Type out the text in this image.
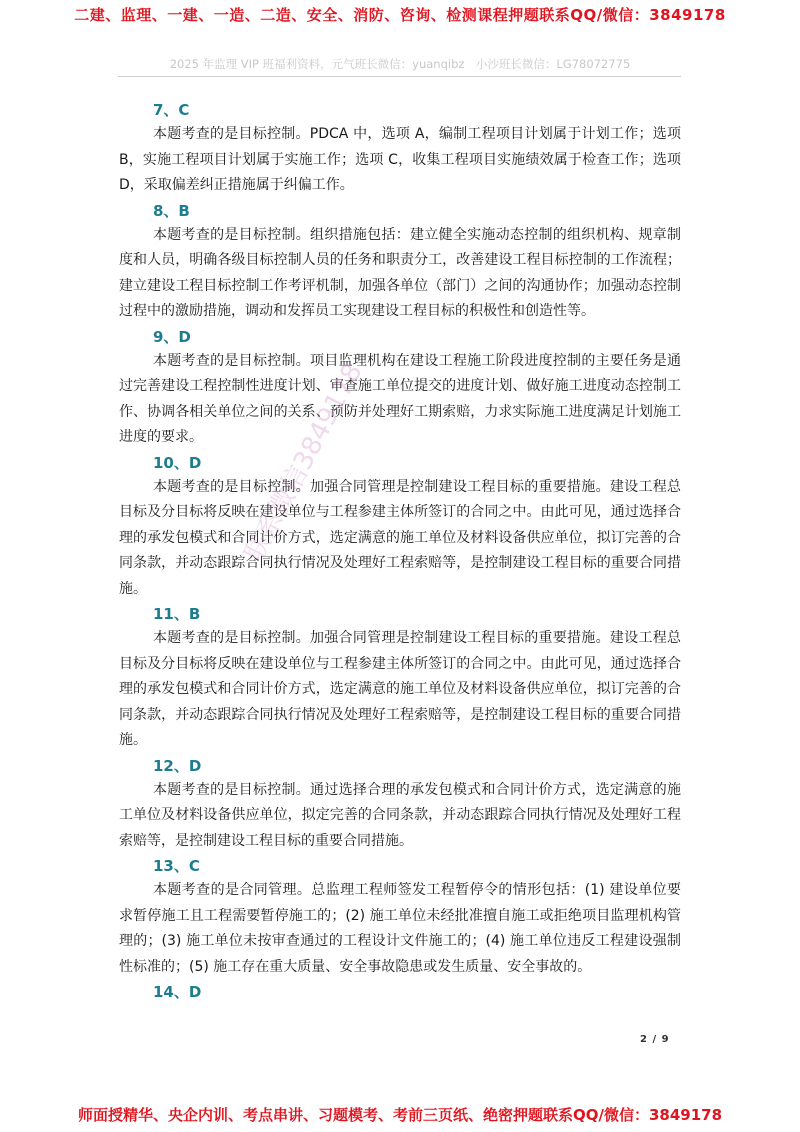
二建、监理、一建、一造、二造、安全、消防、咨询、检测课程押题联系QQ/微信：3849178
2025 年监理 VIP 班福利资料，元气班长微信：yuanqibz　小沙班长微信：LG78072775
7、C

本题考查的是目标控制。PDCA 中，选项 A，编制工程项目计划属于计划工作；选项 B，实施工程项目计划属于实施工作；选项 C，收集工程项目实施绩效属于检查工作；选项 D，采取偏差纠正措施属于纠偏工作。

8、B

本题考查的是目标控制。组织措施包括：建立健全实施动态控制的组织机构、规章制度和人员，明确各级目标控制人员的任务和职责分工，改善建设工程目标控制的工作流程；建立建设工程目标控制工作考评机制，加强各单位（部门）之间的沟通协作；加强动态控制过程中的激励措施，调动和发挥员工实现建设工程目标的积极性和创造性等。

9、D

本题考查的是目标控制。项目监理机构在建设工程施工阶段进度控制的主要任务是通过完善建设工程控制性进度计划、审查施工单位提交的进度计划、做好施工进度动态控制工作、协调各相关单位之间的关系、预防并处理好工期索赔，力求实际施工进度满足计划施工进度的要求。

10、D

本题考查的是目标控制。加强合同管理是控制建设工程目标的重要措施。建设工程总目标及分目标将反映在建设单位与工程参建主体所签订的合同之中。由此可见，通过选择合理的承发包模式和合同计价方式，选定满意的施工单位及材料设备供应单位，拟订完善的合同条款，并动态跟踪合同执行情况及处理好工程索赔等，是控制建设工程目标的重要合同措施。

11、B

本题考查的是目标控制。加强合同管理是控制建设工程目标的重要措施。建设工程总目标及分目标将反映在建设单位与工程参建主体所签订的合同之中。由此可见，通过选择合理的承发包模式和合同计价方式，选定满意的施工单位及材料设备供应单位，拟订完善的合同条款，并动态跟踪合同执行情况及处理好工程索赔等，是控制建设工程目标的重要合同措施。

12、D

本题考查的是目标控制。通过选择合理的承发包模式和合同计价方式，选定满意的施工单位及材料设备供应单位，拟定完善的合同条款，并动态跟踪合同执行情况及处理好工程索赔等，是控制建设工程目标的重要合同措施。

13、C

本题考查的是合同管理。总监理工程师签发工程暂停令的情形包括：(1) 建设单位要求暂停施工且工程需要暂停施工的；(2) 施工单位未经批准擅自施工或拒绝项目监理机构管理的；(3) 施工单位未按审查通过的工程设计文件施工的；(4) 施工单位违反工程建设强制性标准的；(5) 施工存在重大质量、安全事故隐患或发生质量、安全事故的。

14、D
联系微信3849178
2 / 9
师面授精华、央企内训、考点串讲、习题模考、考前三页纸、绝密押题联系QQ/微信：3849178
